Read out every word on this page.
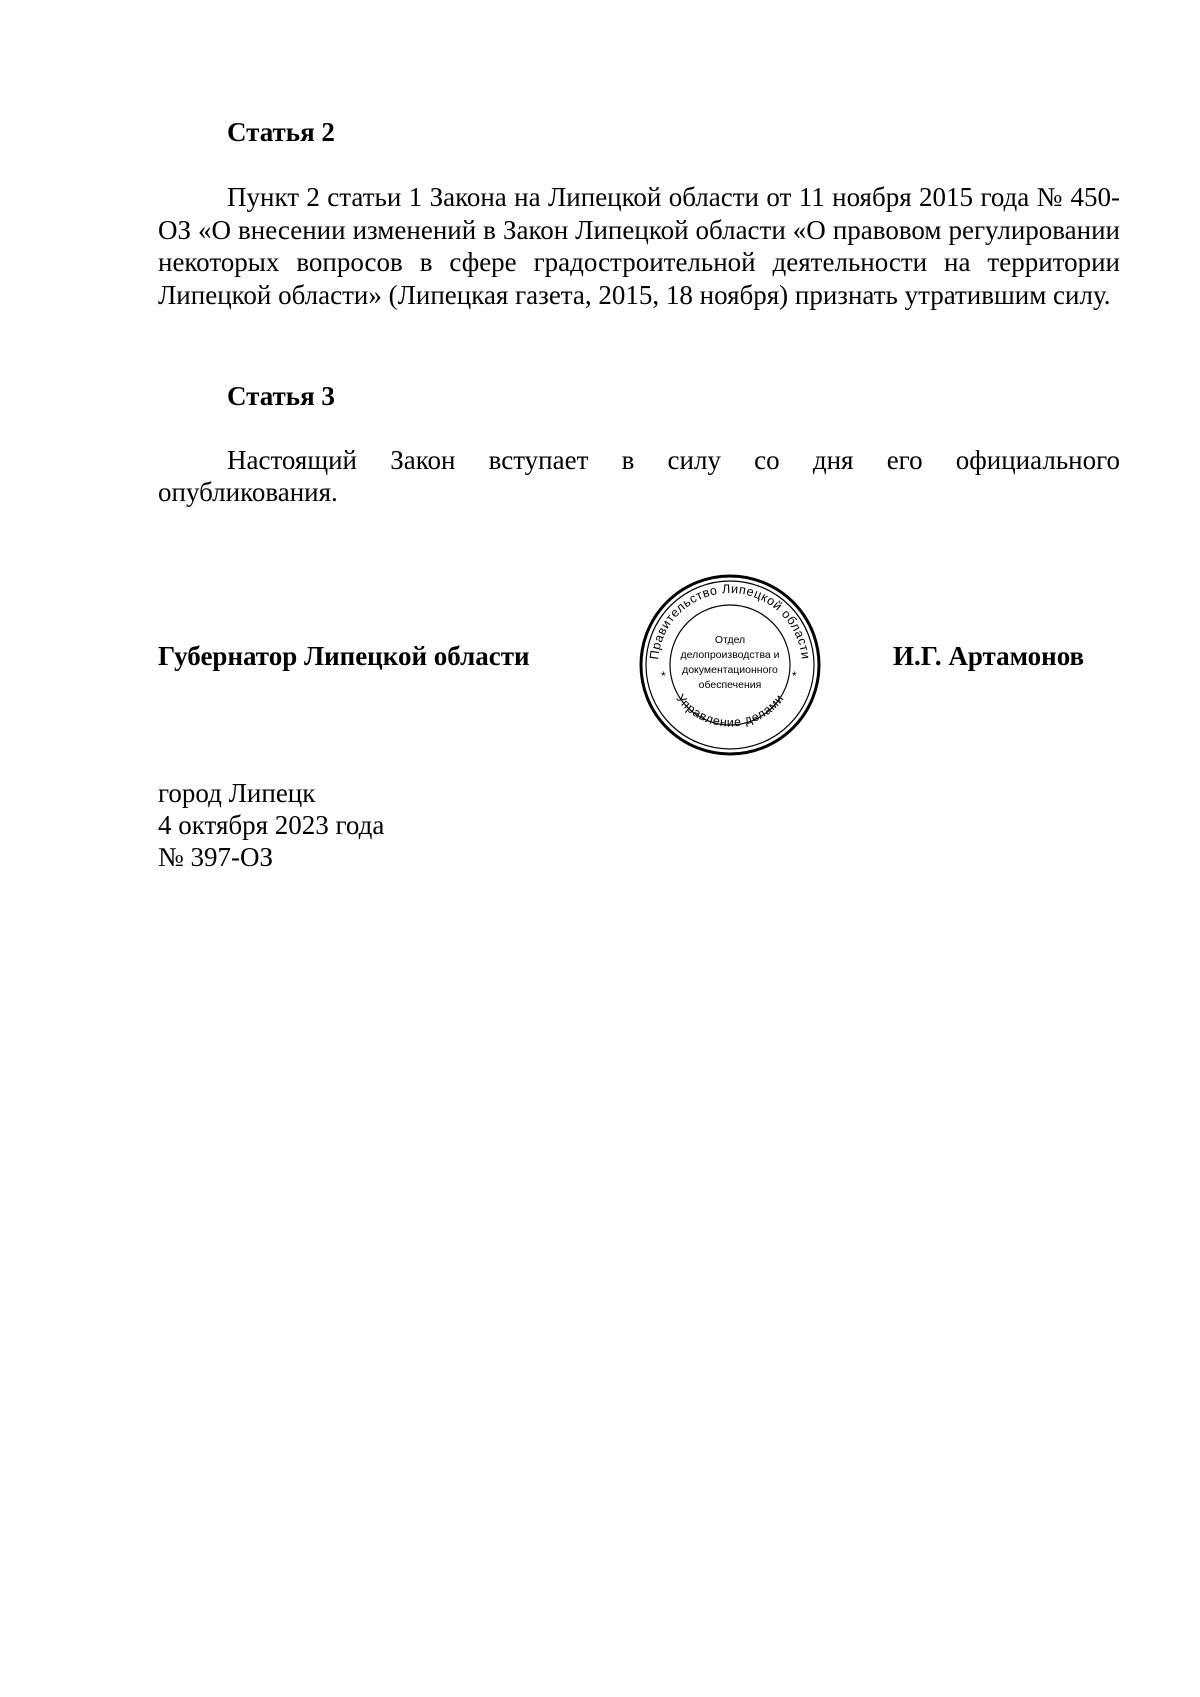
Статья 2
Пункт 2 статьи 1 Закона на Липецкой области от 11 ноября 2015 года № 450-ОЗ «О внесении изменений в Закон Липецкой области «О правовом регулировании некоторых вопросов в сфере градостроительной деятельности на территории Липецкой области» (Липецкая газета, 2015, 18 ноября) признать утратившим силу.
Статья 3
Настоящий Закон вступает в силу со дня его официального
опубликования.
Губернатор Липецкой области	Правительство Липецкой области
Управление делами
Отдел
делопроизводства и
документационного
обеспечения
*	*
И.Г. Артамонов
город Липецк
4 октября 2023 года
№ 397-ОЗ
